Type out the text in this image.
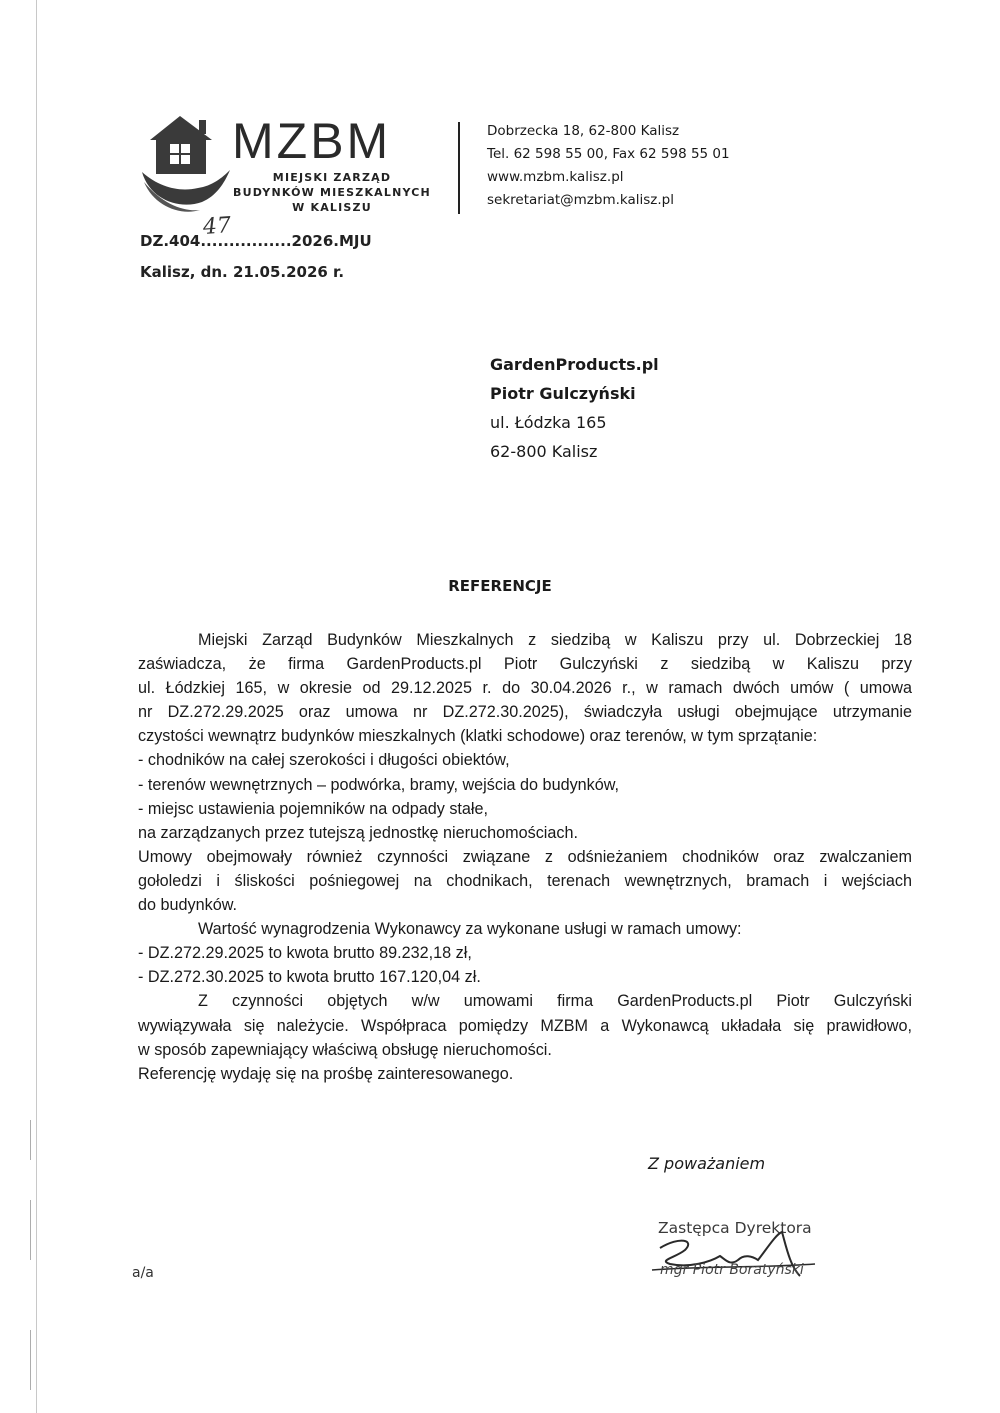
MZBM
MIEJSKI ZARZĄD
BUDYNKÓW MIESZKALNYCH
W KALISZU
Dobrzecka 18, 62-800 Kalisz
Tel. 62 598 55 00, Fax 62 598 55 01
www.mzbm.kalisz.pl
sekretariat@mzbm.kalisz.pl
DZ.404................2026.MJU
47
Kalisz, dn. 21.05.2026 r.
GardenProducts.pl
Piotr Gulczyński
ul. Łódzka 165
62-800 Kalisz
REFERENCJE

Miejski Zarząd Budynków Mieszkalnych z siedzibą w Kaliszu przy ul. Dobrzeckiej 18

zaświadcza, że firma GardenProducts.pl Piotr Gulczyński z siedzibą w Kaliszu przy

ul. Łódzkiej 165, w okresie od 29.12.2025 r. do 30.04.2026 r., w ramach dwóch umów ( umowa

nr DZ.272.29.2025 oraz umowa nr DZ.272.30.2025), świadczyła usługi obejmujące utrzymanie

czystości wewnątrz budynków mieszkalnych (klatki schodowe) oraz terenów, w tym sprzątanie:

- chodników na całej szerokości i długości obiektów,

- terenów wewnętrznych – podwórka, bramy, wejścia do budynków,

- miejsc ustawienia pojemników na odpady stałe,

na zarządzanych przez tutejszą jednostkę nieruchomościach.

Umowy obejmowały również czynności związane z odśnieżaniem chodników oraz zwalczaniem

gołoledzi i śliskości pośniegowej na chodnikach, terenach wewnętrznych, bramach i wejściach

do budynków.

Wartość wynagrodzenia Wykonawcy za wykonane usługi w ramach umowy:

- DZ.272.29.2025 to kwota brutto 89.232,18 zł,

- DZ.272.30.2025 to kwota brutto 167.120,04 zł.

Z czynności objętych w/w umowami firma GardenProducts.pl Piotr Gulczyński

wywiązywała się należycie. Współpraca pomiędzy MZBM a Wykonawcą układała się prawidłowo,

w sposób zapewniający właściwą obsługę nieruchomości.

Referencję wydaję się na prośbę zainteresowanego.

Z poważaniem
Zastępca Dyrektora
mgr Piotr Boratyński
a/a
